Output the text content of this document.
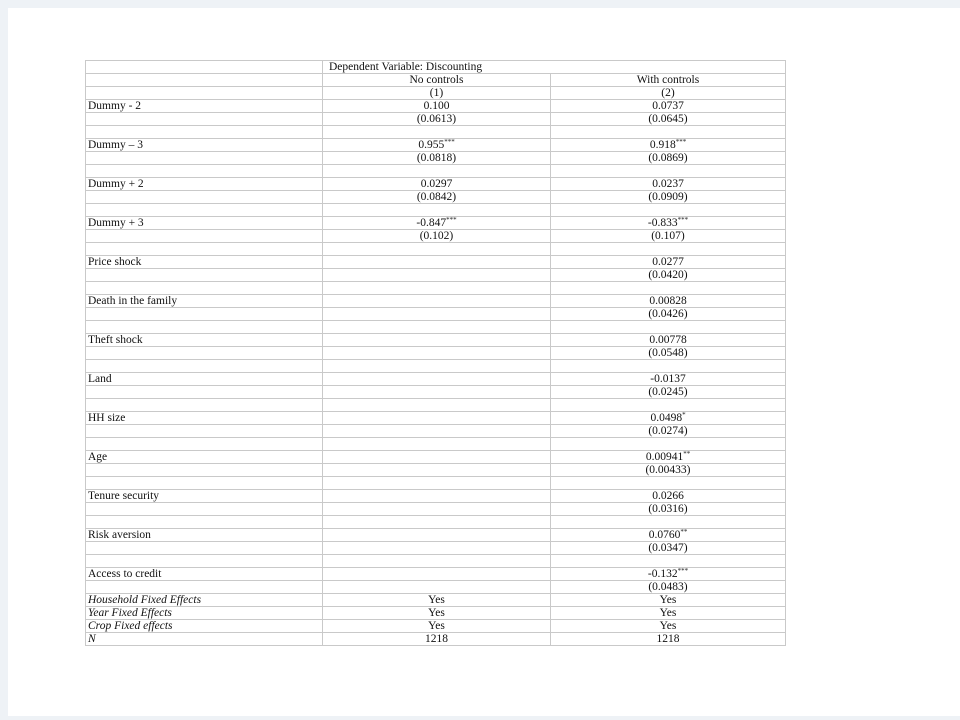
	Dependent Variable: Discounting	
	No controls	With controls
	(1)	(2)
Dummy - 2	0.100	0.0737
	(0.0613)	(0.0645)

Dummy – 3	0.955***	0.918***
	(0.0818)	(0.0869)

Dummy + 2	0.0297	0.0237
	(0.0842)	(0.0909)

Dummy + 3	-0.847***	-0.833***
	(0.102)	(0.107)

Price shock		0.0277
		(0.0420)

Death in the family		0.00828
		(0.0426)

Theft shock		0.00778
		(0.0548)

Land		-0.0137
		(0.0245)

HH size		0.0498*
		(0.0274)

Age		0.00941**
		(0.00433)

Tenure security		0.0266
		(0.0316)

Risk aversion		0.0760**
		(0.0347)

Access to credit		-0.132***
		(0.0483)
Household Fixed Effects	Yes	Yes
Year Fixed Effects	Yes	Yes
Crop Fixed effects	Yes	Yes
N	1218	1218
